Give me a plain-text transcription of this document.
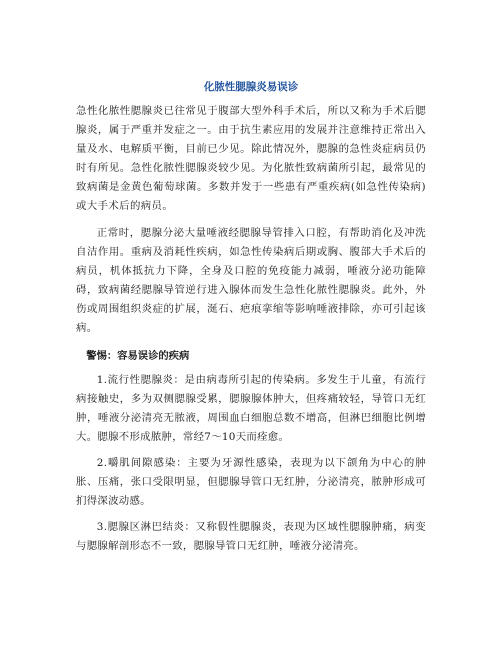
化脓性腮腺炎易误诊

急性化脓性腮腺炎已往常见于腹部大型外科手术后，所以又称为手术后腮腺炎，属于严重并发症之一。由于抗生素应用的发展并注意维持正常出入量及水、电解质平衡，目前已少见。除此情况外，腮腺的急性炎症病员仍时有所见。急性化脓性腮腺炎较少见。为化脓性致病菌所引起，最常见的致病菌是金黄色葡萄球菌。多数并发于一些患有严重疾病(如急性传染病)或大手术后的病员。

正常时，腮腺分泌大量唾液经腮腺导管排入口腔，有帮助消化及冲洗自洁作用。重病及消耗性疾病，如急性传染病后期或胸、腹部大手术后的病员，机体抵抗力下降，全身及口腔的免疫能力减弱，唾液分泌功能障碍，致病菌经腮腺导管逆行进入腺体而发生急性化脓性腮腺炎。此外，外伤或周围组织炎症的扩展，涎石、疤痕挛缩等影响唾液排除，亦可引起该病。

警惕：容易误诊的疾病

1.流行性腮腺炎：是由病毒所引起的传染病。多发生于儿童，有流行病接触史，多为双侧腮腺受累，腮腺腺体肿大，但疼痛较轻，导管口无红肿，唾液分泌清亮无脓液，周围血白细胞总数不增高，但淋巴细胞比例增大。腮腺不形成脓肿，常经7～10天而痊愈。

2.嚼肌间隙感染：主要为牙源性感染，表现为以下颌角为中心的肿胀、压痛，张口受限明显，但腮腺导管口无红肿，分泌清亮，脓肿形成可扪得深波动感。

3.腮腺区淋巴结炎：又称假性腮腺炎，表现为区域性腮腺肿痛，病变与腮腺解剖形态不一致，腮腺导管口无红肿，唾液分泌清亮。
